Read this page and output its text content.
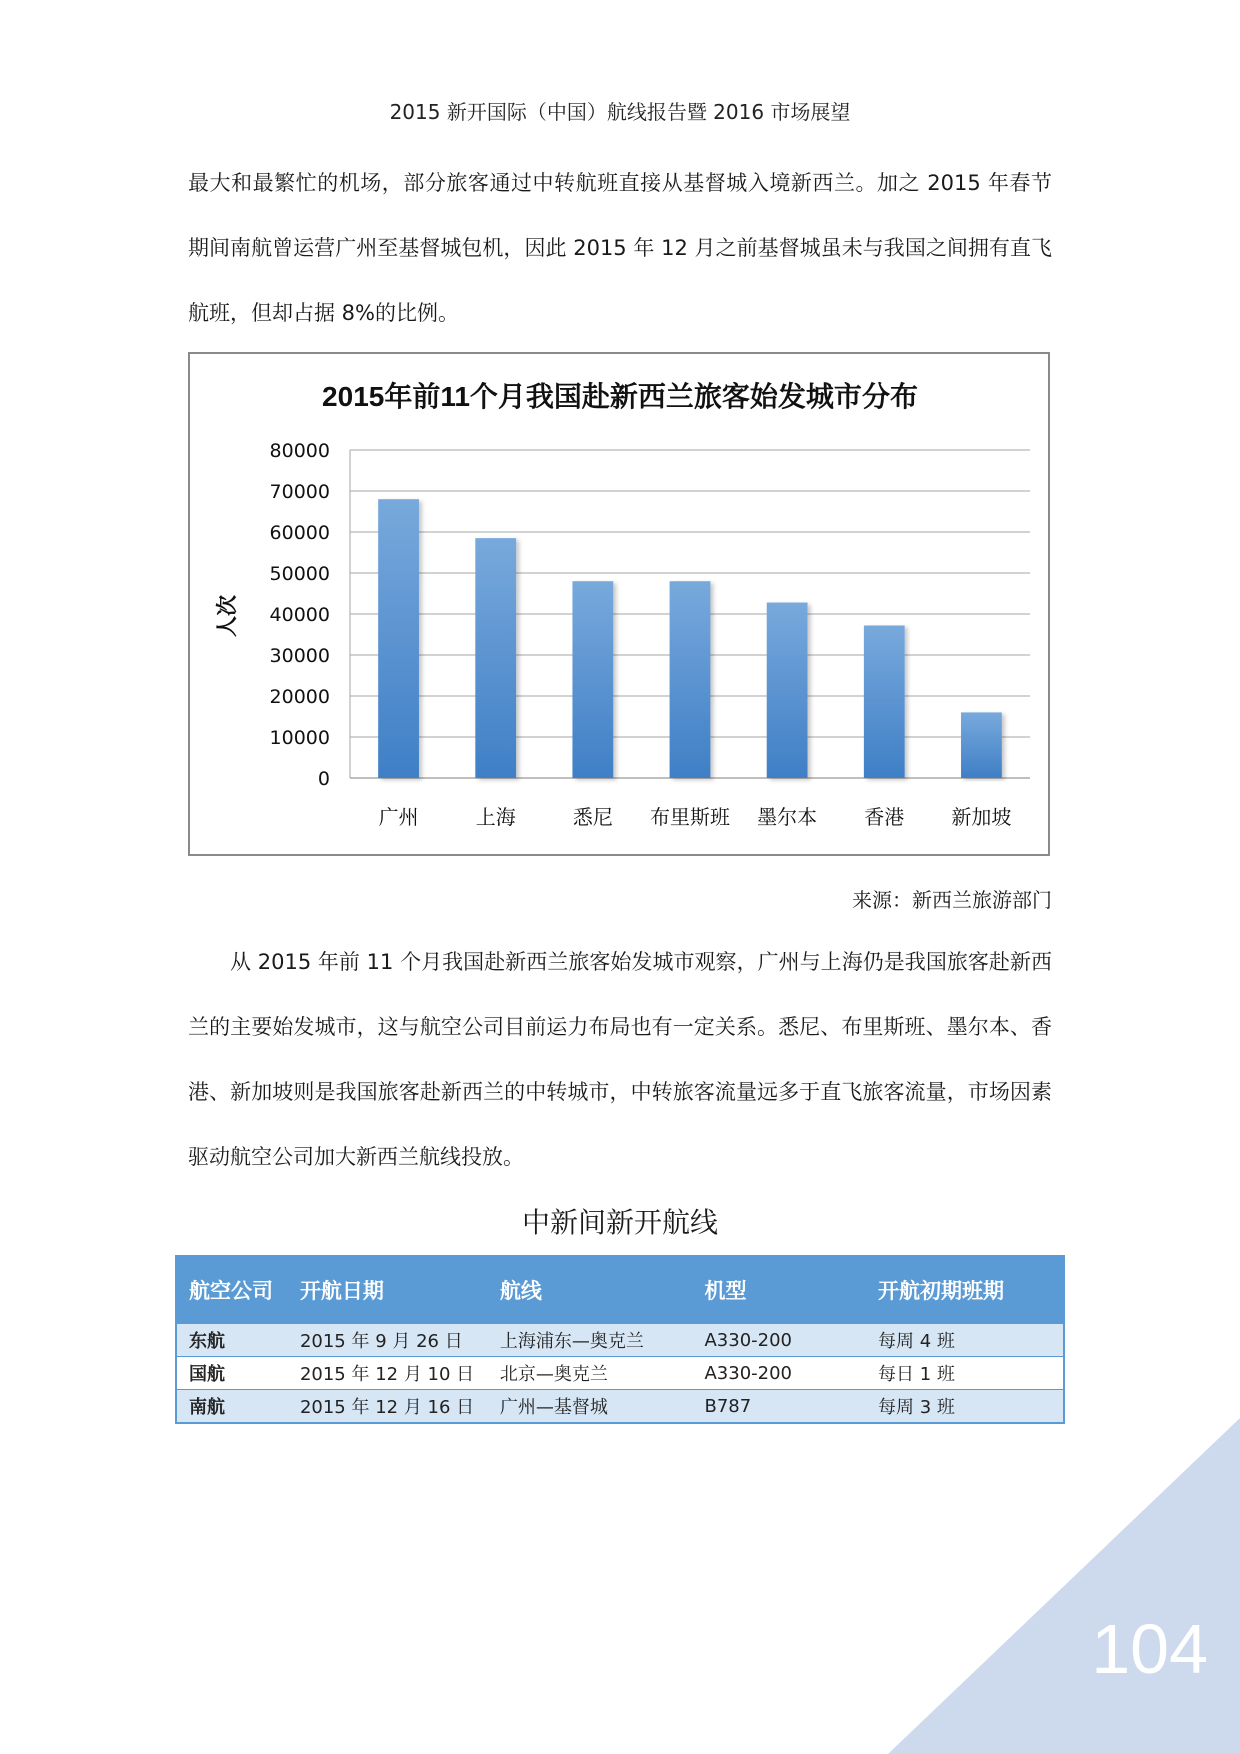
2015 新开国际（中国）航线报告暨 2016 市场展望

最大和最繁忙的机场，部分旅客通过中转航班直接从基督城入境新西兰。加之 2015 年春节期间南航曾运营广州至基督城包机，因此 2015 年 12 月之前基督城虽未与我国之间拥有直飞航班，但却占据 8%的比例。

2015年前11个月我国赴新西兰旅客始发城市分布
0
10000
20000
30000
40000
50000
60000
70000
80000
广州	上海	悉尼 布里斯班 墨尔本 香港 新加坡
人次
来源：新西兰旅游部门

从 2015 年前 11 个月我国赴新西兰旅客始发城市观察，广州与上海仍是我国旅客赴新西兰的主要始发城市，这与航空公司目前运力布局也有一定关系。悉尼、布里斯班、墨尔本、香港、新加坡则是我国旅客赴新西兰的中转城市，中转旅客流量远多于直飞旅客流量，市场因素驱动航空公司加大新西兰航线投放。

中新间新开航线
航空公司	开航日期	航线	机型	开航初期班期
东航	2015 年 9 月 26 日	上海浦东—奥克兰	A330-200	每周 4 班
国航	2015 年 12 月 10 日	北京—奥克兰	A330-200	每日 1 班
南航	2015 年 12 月 16 日	广州—基督城	B787	每周 3 班
104
